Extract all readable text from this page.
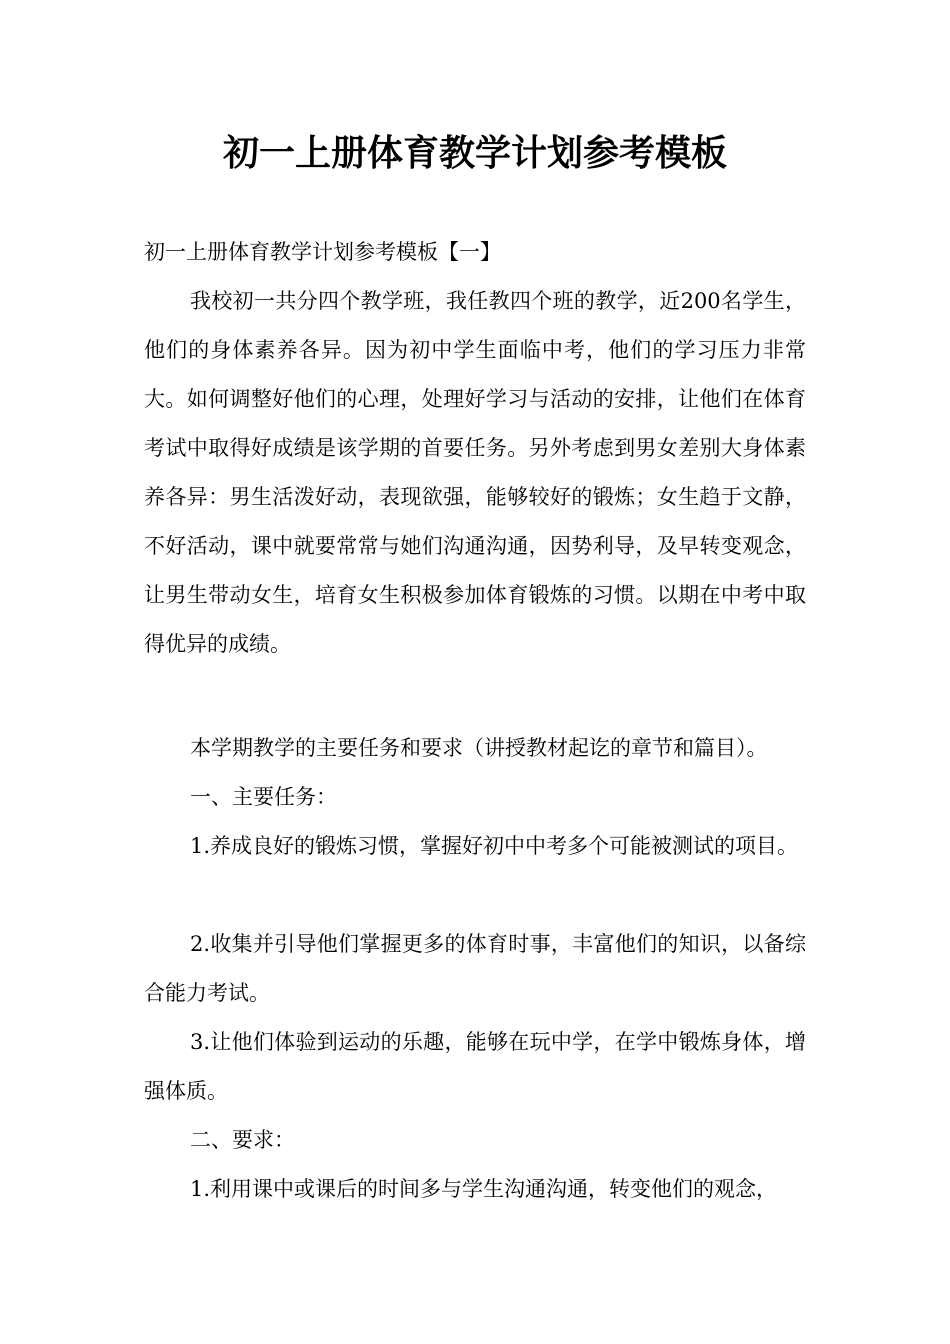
初一上册体育教学计划参考模板

初一上册体育教学计划参考模板【一】

我校初一共分四个教学班，我任教四个班的教学，近200名学生，他们的身体素养各异。因为初中学生面临中考，他们的学习压力非常大。如何调整好他们的心理，处理好学习与活动的安排，让他们在体育考试中取得好成绩是该学期的首要任务。另外考虑到男女差别大身体素养各异：男生活泼好动，表现欲强，能够较好的锻炼；女生趋于文静，不好活动，课中就要常常与她们沟通沟通，因势利导，及早转变观念，让男生带动女生，培育女生积极参加体育锻炼的习惯。以期在中考中取得优异的成绩。

本学期教学的主要任务和要求（讲授教材起讫的章节和篇目）。

一、主要任务：

1.养成良好的锻炼习惯，掌握好初中中考多个可能被测试的项目。

2.收集并引导他们掌握更多的体育时事，丰富他们的知识，以备综合能力考试。

3.让他们体验到运动的乐趣，能够在玩中学，在学中锻炼身体，增强体质。

二、要求：

1.利用课中或课后的时间多与学生沟通沟通，转变他们的观念，
